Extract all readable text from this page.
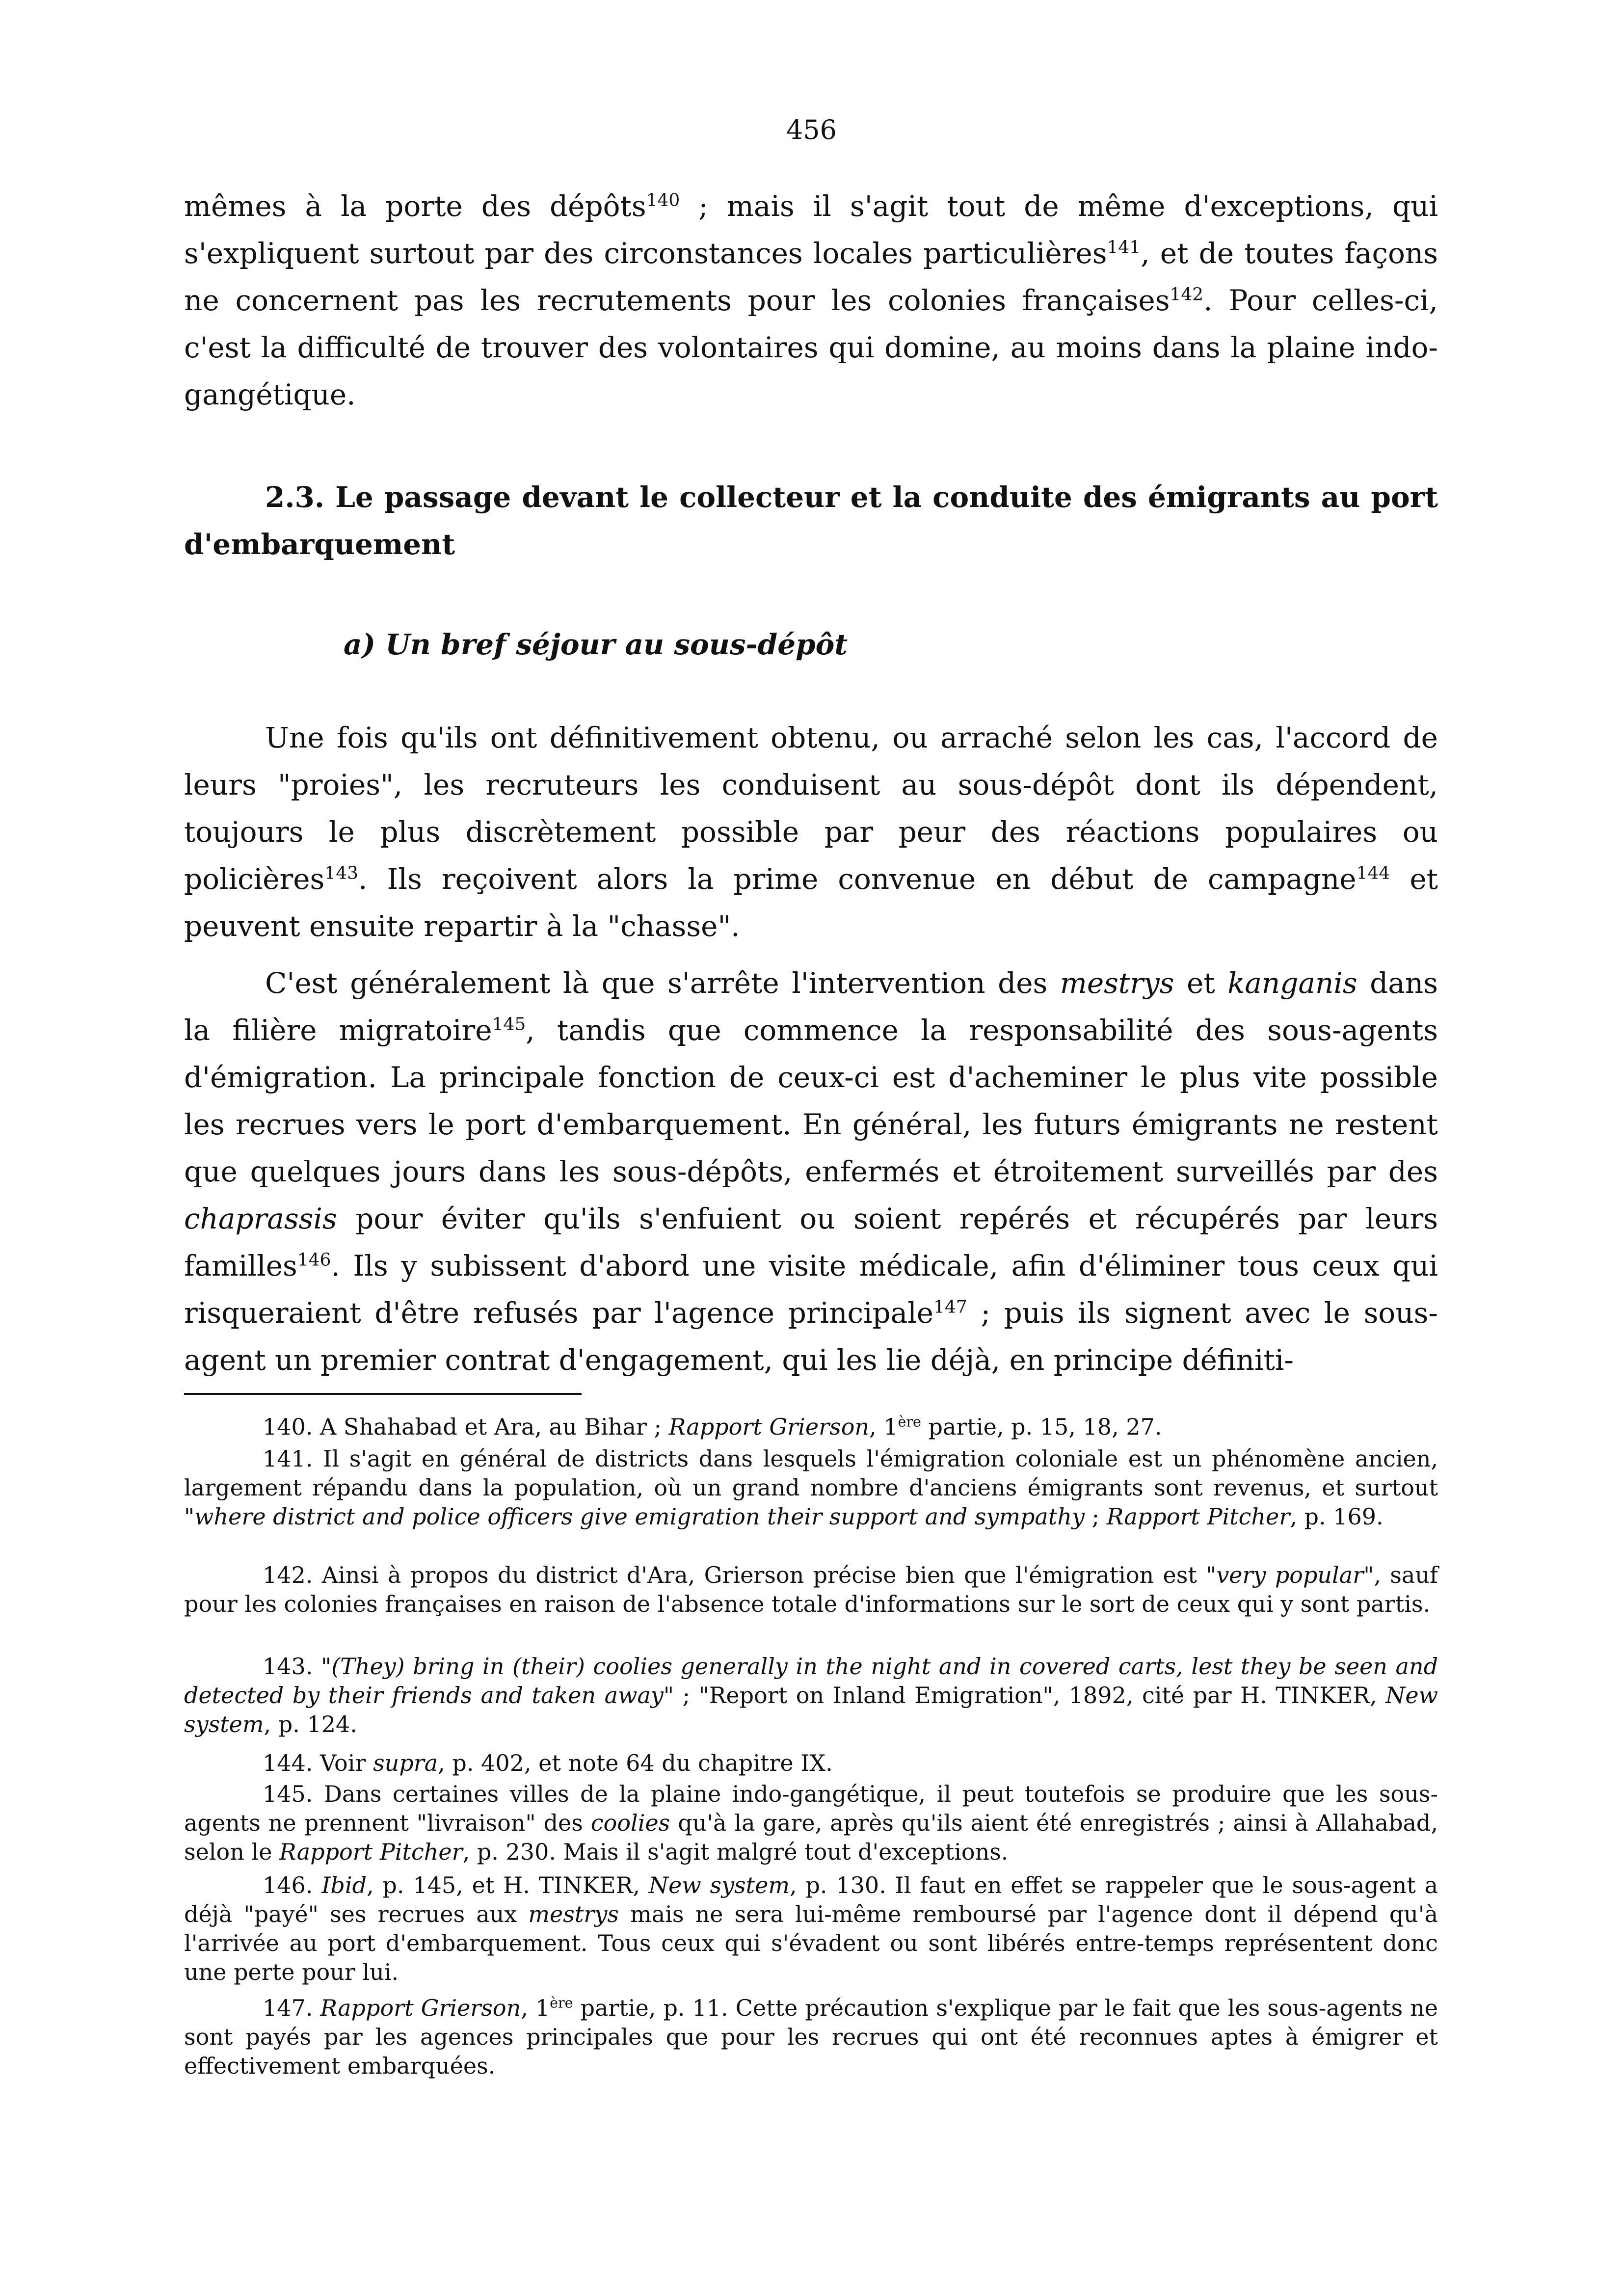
456

mêmes à la porte des dépôts$^{140}$ ; mais il s'agit tout de même d'exceptions, qui s'expliquent surtout par des circonstances locales particulières$^{141}$, et de toutes façons ne concernent pas les recrutements pour les colonies françaises$^{142}$. Pour celles-ci, c'est la difficulté de trouver des volontaires qui domine, au moins dans la plaine indo-gangétique.

2.3. Le passage devant le collecteur et la conduite des émigrants au port d'embarquement
a) Un bref séjour au sous-dépôt

Une fois qu'ils ont définitivement obtenu, ou arraché selon les cas, l'accord de leurs "proies", les recruteurs les conduisent au sous-dépôt dont ils dépendent, toujours le plus discrètement possible par peur des réactions populaires ou policières$^{143}$. Ils reçoivent alors la prime convenue en début de campagne$^{144}$ et peuvent ensuite repartir à la "chasse".

C'est généralement là que s'arrête l'intervention des mestrys et kanganis dans la filière migratoire$^{145}$, tandis que commence la responsabilité des sous-agents d'émigration. La principale fonction de ceux-ci est d'acheminer le plus vite possible les recrues vers le port d'embarquement. En général, les futurs émigrants ne restent que quelques jours dans les sous-dépôts, enfermés et étroitement surveillés par des chaprassis pour éviter qu'ils s'enfuient ou soient repérés et récupérés par leurs familles$^{146}$. Ils y subissent d'abord une visite médicale, afin d'éliminer tous ceux qui risqueraient d'être refusés par l'agence principale$^{147}$ ; puis ils signent avec le sous-agent un premier contrat d'engagement, qui les lie déjà, en principe définiti-

140. A Shahabad et Ara, au Bihar ; Rapport Grierson, 1ère partie, p. 15, 18, 27.

141. Il s'agit en général de districts dans lesquels l'émigration coloniale est un phénomène ancien, largement répandu dans la population, où un grand nombre d'anciens émigrants sont revenus, et surtout "where district and police officers give emigration their support and sympathy ; Rapport Pitcher, p. 169.

142. Ainsi à propos du district d'Ara, Grierson précise bien que l'émigration est "very popular", sauf pour les colonies françaises en raison de l'absence totale d'informations sur le sort de ceux qui y sont partis.

143. "(They) bring in (their) coolies generally in the night and in covered carts, lest they be seen and detected by their friends and taken away" ; "Report on Inland Emigration", 1892, cité par H. TINKER, New system, p. 124.

144. Voir supra, p. 402, et note 64 du chapitre IX.

145. Dans certaines villes de la plaine indo-gangétique, il peut toutefois se produire que les sous-agents ne prennent "livraison" des coolies qu'à la gare, après qu'ils aient été enregistrés ; ainsi à Allahabad, selon le Rapport Pitcher, p. 230. Mais il s'agit malgré tout d'exceptions.

146. Ibid, p. 145, et H. TINKER, New system, p. 130. Il faut en effet se rappeler que le sous-agent a déjà "payé" ses recrues aux mestrys mais ne sera lui-même remboursé par l'agence dont il dépend qu'à l'arrivée au port d'embarquement. Tous ceux qui s'évadent ou sont libérés entre-temps représentent donc une perte pour lui.

147. Rapport Grierson, 1ère partie, p. 11. Cette précaution s'explique par le fait que les sous-agents ne sont payés par les agences principales que pour les recrues qui ont été reconnues aptes à émigrer et effectivement embarquées.
